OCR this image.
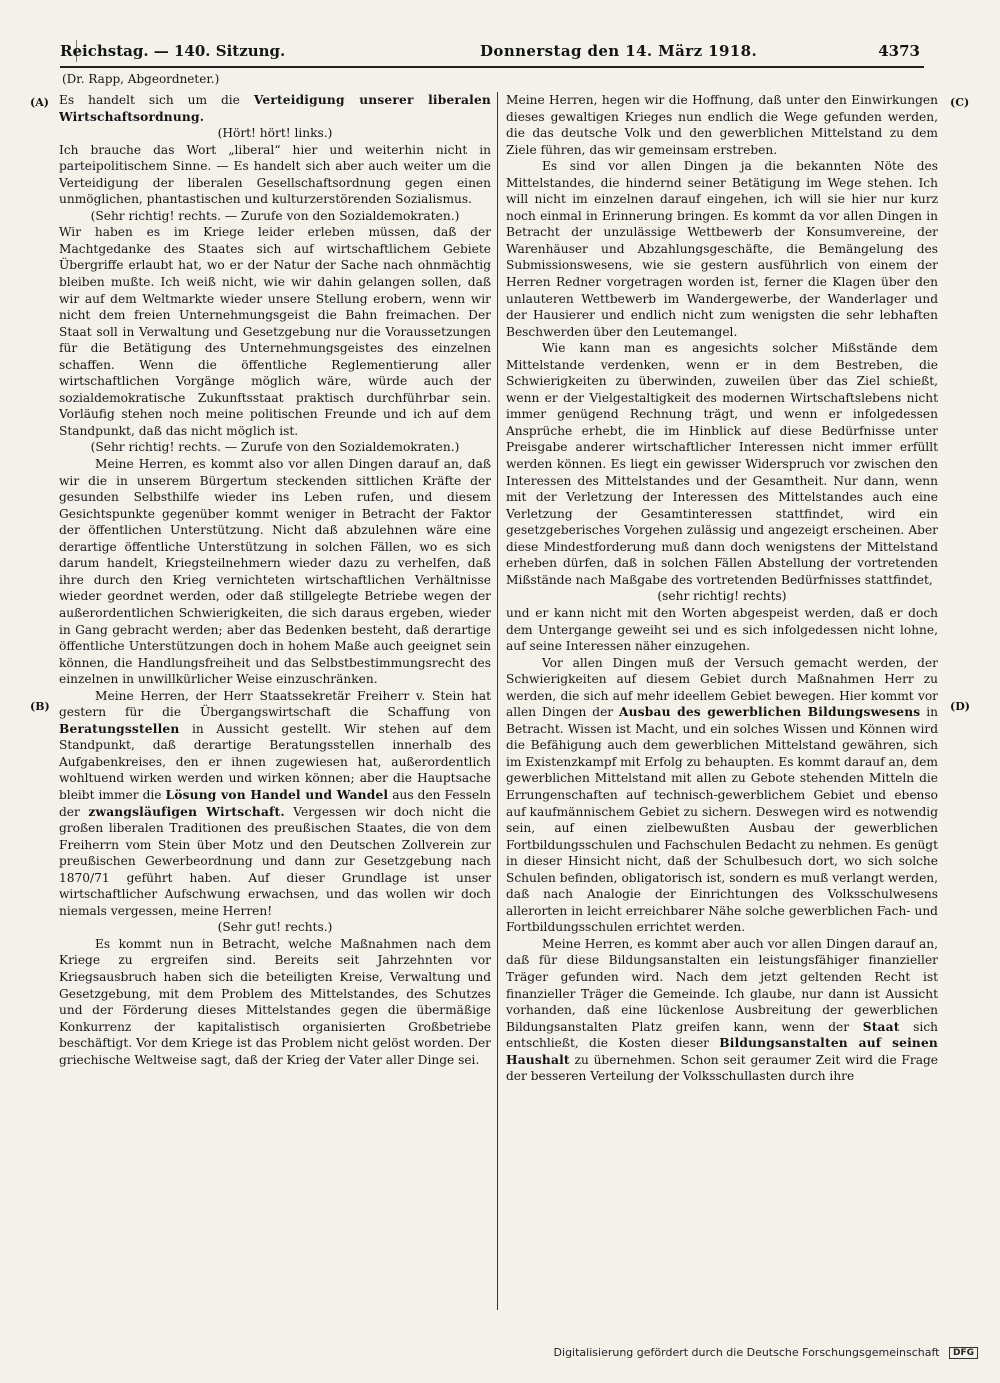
Reichstag. — 140. Sitzung.	Donnerstag den 14. März 1918.	4373
(Dr. Rapp, Abgeordneter.)
(A)
(B)
(C)
(D)

Es handelt sich um die Verteidigung unserer liberalen Wirtschaftsordnung.

(Hört! hört! links.)

Ich brauche das Wort „liberal“ hier und weiterhin nicht in parteipolitischem Sinne. — Es handelt sich aber auch weiter um die Verteidigung der liberalen Gesellschaftsordnung gegen einen unmöglichen, phantastischen und kulturzerstörenden Sozialismus.

(Sehr richtig! rechts. — Zurufe von den Sozialdemokraten.)

Wir haben es im Kriege leider erleben müssen, daß der Machtgedanke des Staates sich auf wirtschaftlichem Gebiete Übergriffe erlaubt hat, wo er der Natur der Sache nach ohnmächtig bleiben mußte. Ich weiß nicht, wie wir dahin gelangen sollen, daß wir auf dem Weltmarkte wieder unsere Stellung erobern, wenn wir nicht dem freien Unternehmungsgeist die Bahn freimachen. Der Staat soll in Verwaltung und Gesetzgebung nur die Voraussetzungen für die Betätigung des Unternehmungsgeistes des einzelnen schaffen. Wenn die öffentliche Reglementierung aller wirtschaftlichen Vorgänge möglich wäre, würde auch der sozialdemokratische Zukunftsstaat praktisch durchführbar sein. Vorläufig stehen noch meine politischen Freunde und ich auf dem Standpunkt, daß das nicht möglich ist.

(Sehr richtig! rechts. — Zurufe von den Sozialdemokraten.)

Meine Herren, es kommt also vor allen Dingen darauf an, daß wir die in unserem Bürgertum steckenden sittlichen Kräfte der gesunden Selbsthilfe wieder ins Leben rufen, und diesem Gesichtspunkte gegenüber kommt weniger in Betracht der Faktor der öffentlichen Unterstützung. Nicht daß abzulehnen wäre eine derartige öffentliche Unterstützung in solchen Fällen, wo es sich darum handelt, Kriegsteilnehmern wieder dazu zu verhelfen, daß ihre durch den Krieg vernichteten wirtschaftlichen Verhältnisse wieder geordnet werden, oder daß stillgelegte Betriebe wegen der außerordentlichen Schwierigkeiten, die sich daraus ergeben, wieder in Gang gebracht werden; aber das Bedenken besteht, daß derartige öffentliche Unterstützungen doch in hohem Maße auch geeignet sein können, die Handlungsfreiheit und das Selbstbestimmungsrecht des einzelnen in unwillkürlicher Weise einzuschränken.

Meine Herren, der Herr Staatssekretär Freiherr v. Stein hat gestern für die Übergangswirtschaft die Schaffung von Beratungsstellen in Aussicht gestellt. Wir stehen auf dem Standpunkt, daß derartige Beratungsstellen innerhalb des Aufgabenkreises, den er ihnen zugewiesen hat, außerordentlich wohltuend wirken werden und wirken können; aber die Hauptsache bleibt immer die Lösung von Handel und Wandel aus den Fesseln der zwangsläufigen Wirtschaft. Vergessen wir doch nicht die großen liberalen Traditionen des preußischen Staates, die von dem Freiherrn vom Stein über Motz und den Deutschen Zollverein zur preußischen Gewerbeordnung und dann zur Gesetzgebung nach 1870/71 geführt haben. Auf dieser Grundlage ist unser wirtschaftlicher Aufschwung erwachsen, und das wollen wir doch niemals vergessen, meine Herren!

(Sehr gut! rechts.)

Es kommt nun in Betracht, welche Maßnahmen nach dem Kriege zu ergreifen sind. Bereits seit Jahrzehnten vor Kriegsausbruch haben sich die beteiligten Kreise, Verwaltung und Gesetzgebung, mit dem Problem des Mittelstandes, des Schutzes und der Förderung dieses Mittelstandes gegen die übermäßige Konkurrenz der kapitalistisch organisierten Großbetriebe beschäftigt. Vor dem Kriege ist das Problem nicht gelöst worden. Der griechische Weltweise sagt, daß der Krieg der Vater aller Dinge sei.

Meine Herren, hegen wir die Hoffnung, daß unter den Einwirkungen dieses gewaltigen Krieges nun endlich die Wege gefunden werden, die das deutsche Volk und den gewerblichen Mittelstand zu dem Ziele führen, das wir gemeinsam erstreben.

Es sind vor allen Dingen ja die bekannten Nöte des Mittelstandes, die hindernd seiner Betätigung im Wege stehen. Ich will nicht im einzelnen darauf eingehen, ich will sie hier nur kurz noch einmal in Erinnerung bringen. Es kommt da vor allen Dingen in Betracht der unzulässige Wettbewerb der Konsumvereine, der Warenhäuser und Abzahlungsgeschäfte, die Bemängelung des Submissionswesens, wie sie gestern ausführlich von einem der Herren Redner vorgetragen worden ist, ferner die Klagen über den unlauteren Wettbewerb im Wandergewerbe, der Wanderlager und der Hausierer und endlich nicht zum wenigsten die sehr lebhaften Beschwerden über den Leutemangel.

Wie kann man es angesichts solcher Mißstände dem Mittelstande verdenken, wenn er in dem Bestreben, die Schwierigkeiten zu überwinden, zuweilen über das Ziel schießt, wenn er der Vielgestaltigkeit des modernen Wirtschaftslebens nicht immer genügend Rechnung trägt, und wenn er infolgedessen Ansprüche erhebt, die im Hinblick auf diese Bedürfnisse unter Preisgabe anderer wirtschaftlicher Interessen nicht immer erfüllt werden können. Es liegt ein gewisser Widerspruch vor zwischen den Interessen des Mittelstandes und der Gesamtheit. Nur dann, wenn mit der Verletzung der Interessen des Mittelstandes auch eine Verletzung der Gesamtinteressen stattfindet, wird ein gesetzgeberisches Vorgehen zulässig und angezeigt erscheinen. Aber diese Mindestforderung muß dann doch wenigstens der Mittelstand erheben dürfen, daß in solchen Fällen Abstellung der vortretenden Mißstände nach Maßgabe des vortretenden Bedürfnisses stattfindet,

(sehr richtig! rechts)

und er kann nicht mit den Worten abgespeist werden, daß er doch dem Untergange geweiht sei und es sich infolgedessen nicht lohne, auf seine Interessen näher einzugehen.

Vor allen Dingen muß der Versuch gemacht werden, der Schwierigkeiten auf diesem Gebiet durch Maßnahmen Herr zu werden, die sich auf mehr ideellem Gebiet bewegen. Hier kommt vor allen Dingen der Ausbau des gewerblichen Bildungswesens in Betracht. Wissen ist Macht, und ein solches Wissen und Können wird die Befähigung auch dem gewerblichen Mittelstand gewähren, sich im Existenzkampf mit Erfolg zu behaupten. Es kommt darauf an, dem gewerblichen Mittelstand mit allen zu Gebote stehenden Mitteln die Errungenschaften auf technisch-gewerblichem Gebiet und ebenso auf kaufmännischem Gebiet zu sichern. Deswegen wird es notwendig sein, auf einen zielbewußten Ausbau der gewerblichen Fortbildungsschulen und Fachschulen Bedacht zu nehmen. Es genügt in dieser Hinsicht nicht, daß der Schulbesuch dort, wo sich solche Schulen befinden, obligatorisch ist, sondern es muß verlangt werden, daß nach Analogie der Einrichtungen des Volksschulwesens allerorten in leicht erreichbarer Nähe solche gewerblichen Fach- und Fortbildungsschulen errichtet werden.

Meine Herren, es kommt aber auch vor allen Dingen darauf an, daß für diese Bildungsanstalten ein leistungsfähiger finanzieller Träger gefunden wird. Nach dem jetzt geltenden Recht ist finanzieller Träger die Gemeinde. Ich glaube, nur dann ist Aussicht vorhanden, daß eine lückenlose Ausbreitung der gewerblichen Bildungsanstalten Platz greifen kann, wenn der Staat sich entschließt, die Kosten dieser Bildungsanstalten auf seinen Haushalt zu übernehmen. Schon seit geraumer Zeit wird die Frage der besseren Verteilung der Volksschullasten durch ihre

Digitalisierung gefördert durch die Deutsche Forschungsgemeinschaft DFG
